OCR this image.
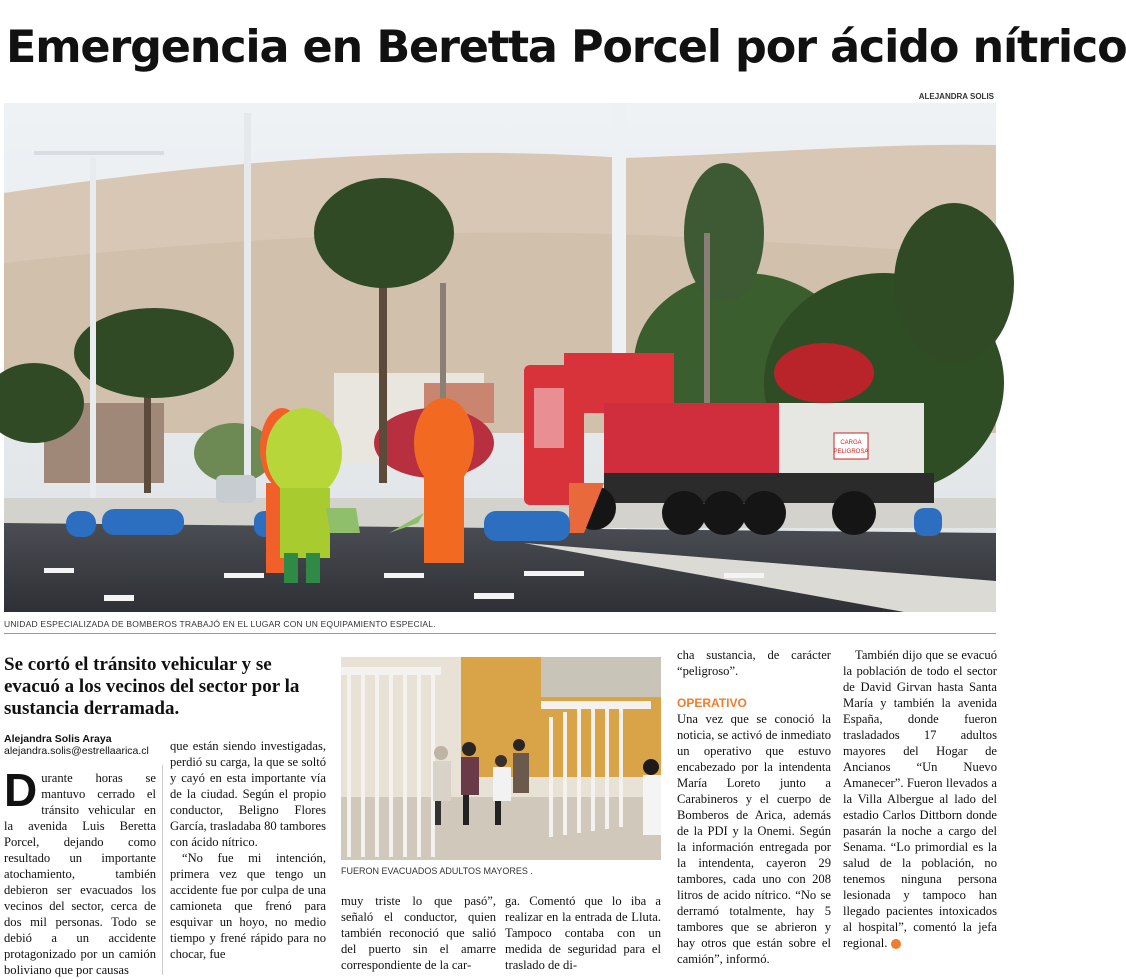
Emergencia en Beretta Porcel por ácido nítrico
ALEJANDRA SOLIS
CARGA
PELIGROSA
UNIDAD ESPECIALIZADA DE BOMBEROS TRABAJÓ EN EL LUGAR CON UN EQUIPAMIENTO ESPECIAL.
Se cortó el tránsito vehicular y se evacuó a los vecinos del sector por la sustancia derramada.
Alejandra Solis Araya
alejandra.solis@estrellaarica.cl
D urante horas se mantuvo cerrado el tránsito vehicular en la avenida Luis Beretta Porcel, dejando como resultado un importante atochamiento, también debieron ser evacuados los vecinos del sector, cerca de dos mil personas. Todo se debió a un accidente protagonizado por un camión boliviano que por causas

que están siendo investigadas, perdió su carga, la que se soltó y cayó en esta importante vía de la ciudad. Según el propio conductor, Beligno Flores García, trasladaba 80 tambores con ácido nítrico.

“No fue mi intención, primera vez que tengo un accidente fue por culpa de una camioneta que frenó para esquivar un hoyo, no medio tiempo y frené rápido para no chocar, fue

FUERON EVACUADOS ADULTOS MAYORES .

muy triste lo que pasó”, señaló el conductor, quien también reconoció que salió del puerto sin el amarre correspondiente de la car-

ga. Comentó que lo iba a realizar en la entrada de Lluta. Tampoco contaba con un medida de seguridad para el traslado de di-

cha sustancia, de carácter “peligroso”.

OPERATIVO

Una vez que se conoció la noticia, se activó de inmediato un operativo que estuvo encabezado por la intendenta María Loreto junto a Carabineros y el cuerpo de Bomberos de Arica, además de la PDI y la Onemi. Según la información entregada por la intendenta, cayeron 29 tambores, cada uno con 208 litros de acido nítrico. “No se derramó totalmente, hay 5 tambores que se abrieron y hay otros que están sobre el camión”, informó.

También dijo que se evacuó la población de todo el sector de David Girvan hasta Santa María y también la avenida España, donde fueron trasladados 17 adultos mayores del Hogar de Ancianos “Un Nuevo Amanecer”. Fueron llevados a la Villa Albergue al lado del estadio Carlos Dittborn donde pasarán la noche a cargo del Senama. “Lo primordial es la salud de la población, no tenemos ninguna persona lesionada y tampoco han llegado pacientes intoxicados al hospital”, comentó la jefa regional.
